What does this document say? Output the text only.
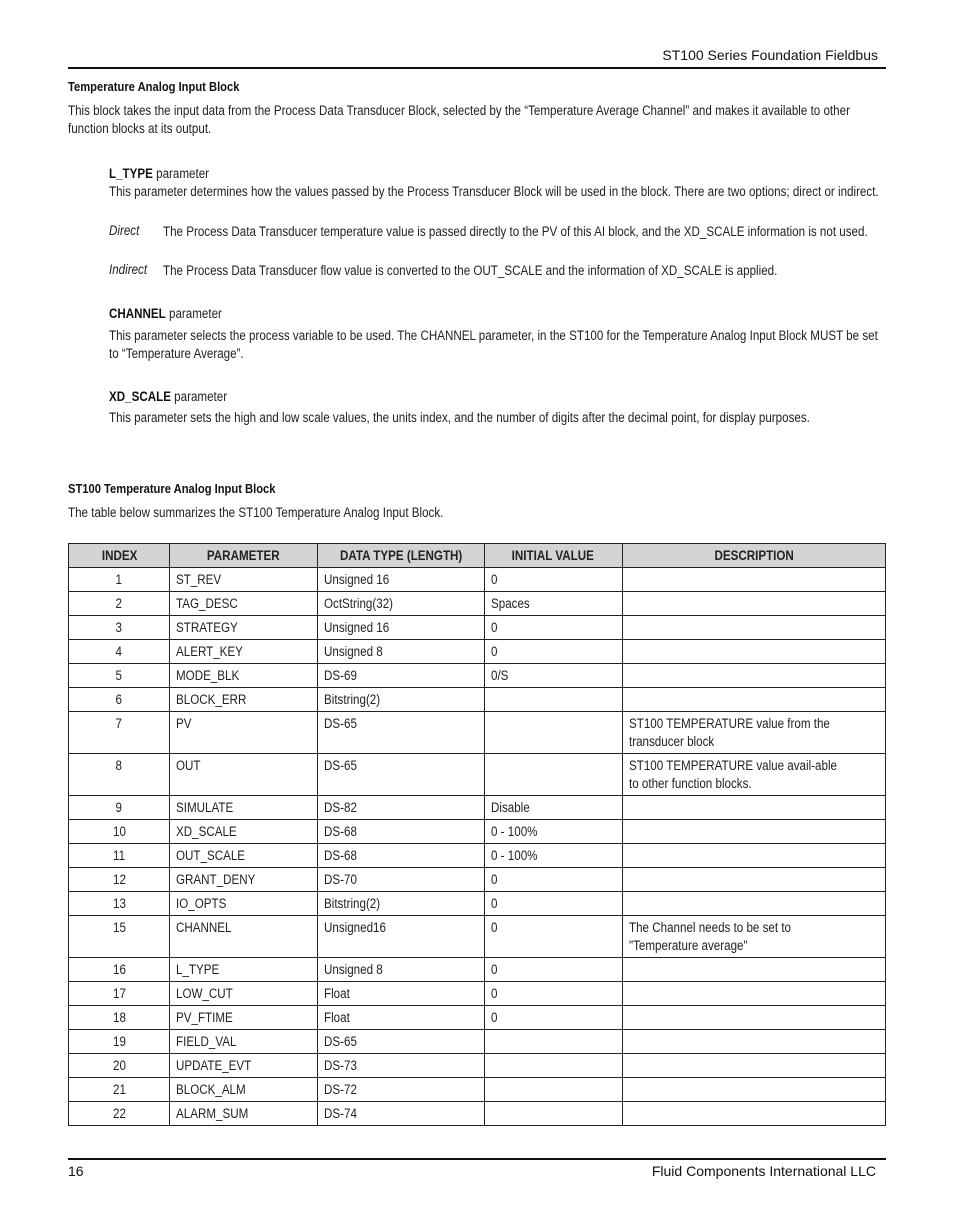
ST100 Series Foundation Fieldbus
Temperature Analog Input Block
This block takes the input data from the Process Data Transducer Block, selected by the “Temperature Average Channel” and makes it available to other function blocks at its output.
L_TYPE parameter
This parameter determines how the values passed by the Process Transducer Block will be used in the block. There are two options; direct or indirect.
Direct The Process Data Transducer temperature value is passed directly to the PV of this AI block, and the XD_SCALE information is not used.
Indirect The Process Data Transducer flow value is converted to the OUT_SCALE and the information of XD_SCALE is applied.
CHANNEL parameter
This parameter selects the process variable to be used. The CHANNEL parameter, in the ST100 for the Temperature Analog Input Block MUST be set to “Temperature Average”.
XD_SCALE parameter
This parameter sets the high and low scale values, the units index, and the number of digits after the decimal point, for display purposes.
ST100 Temperature Analog Input Block
The table below summarizes the ST100 Temperature Analog Input Block.
INDEX	PARAMETER	DATA TYPE (LENGTH)	INITIAL VALUE	DESCRIPTION
1	ST_REV	Unsigned 16	0	
2	TAG_DESC	OctString(32)	Spaces	
3	STRATEGY	Unsigned 16	0	
4	ALERT_KEY	Unsigned 8	0	
5	MODE_BLK	DS-69	0/S	
6	BLOCK_ERR	Bitstring(2)		
7	PV	DS-65		ST100 TEMPERATURE value from the transducer block
8	OUT	DS-65		ST100 TEMPERATURE value avail-able to other function blocks.
9	SIMULATE	DS-82	Disable	
10	XD_SCALE	DS-68	0 - 100%	
11	OUT_SCALE	DS-68	0 - 100%	
12	GRANT_DENY	DS-70	0	
13	IO_OPTS	Bitstring(2)	0	
15	CHANNEL	Unsigned16	0	The Channel needs to be set to "Temperature average"
16	L_TYPE	Unsigned 8	0	
17	LOW_CUT	Float	0	
18	PV_FTIME	Float	0	
19	FIELD_VAL	DS-65		
20	UPDATE_EVT	DS-73		
21	BLOCK_ALM	DS-72		
22	ALARM_SUM	DS-74		
16	Fluid Components International LLC
